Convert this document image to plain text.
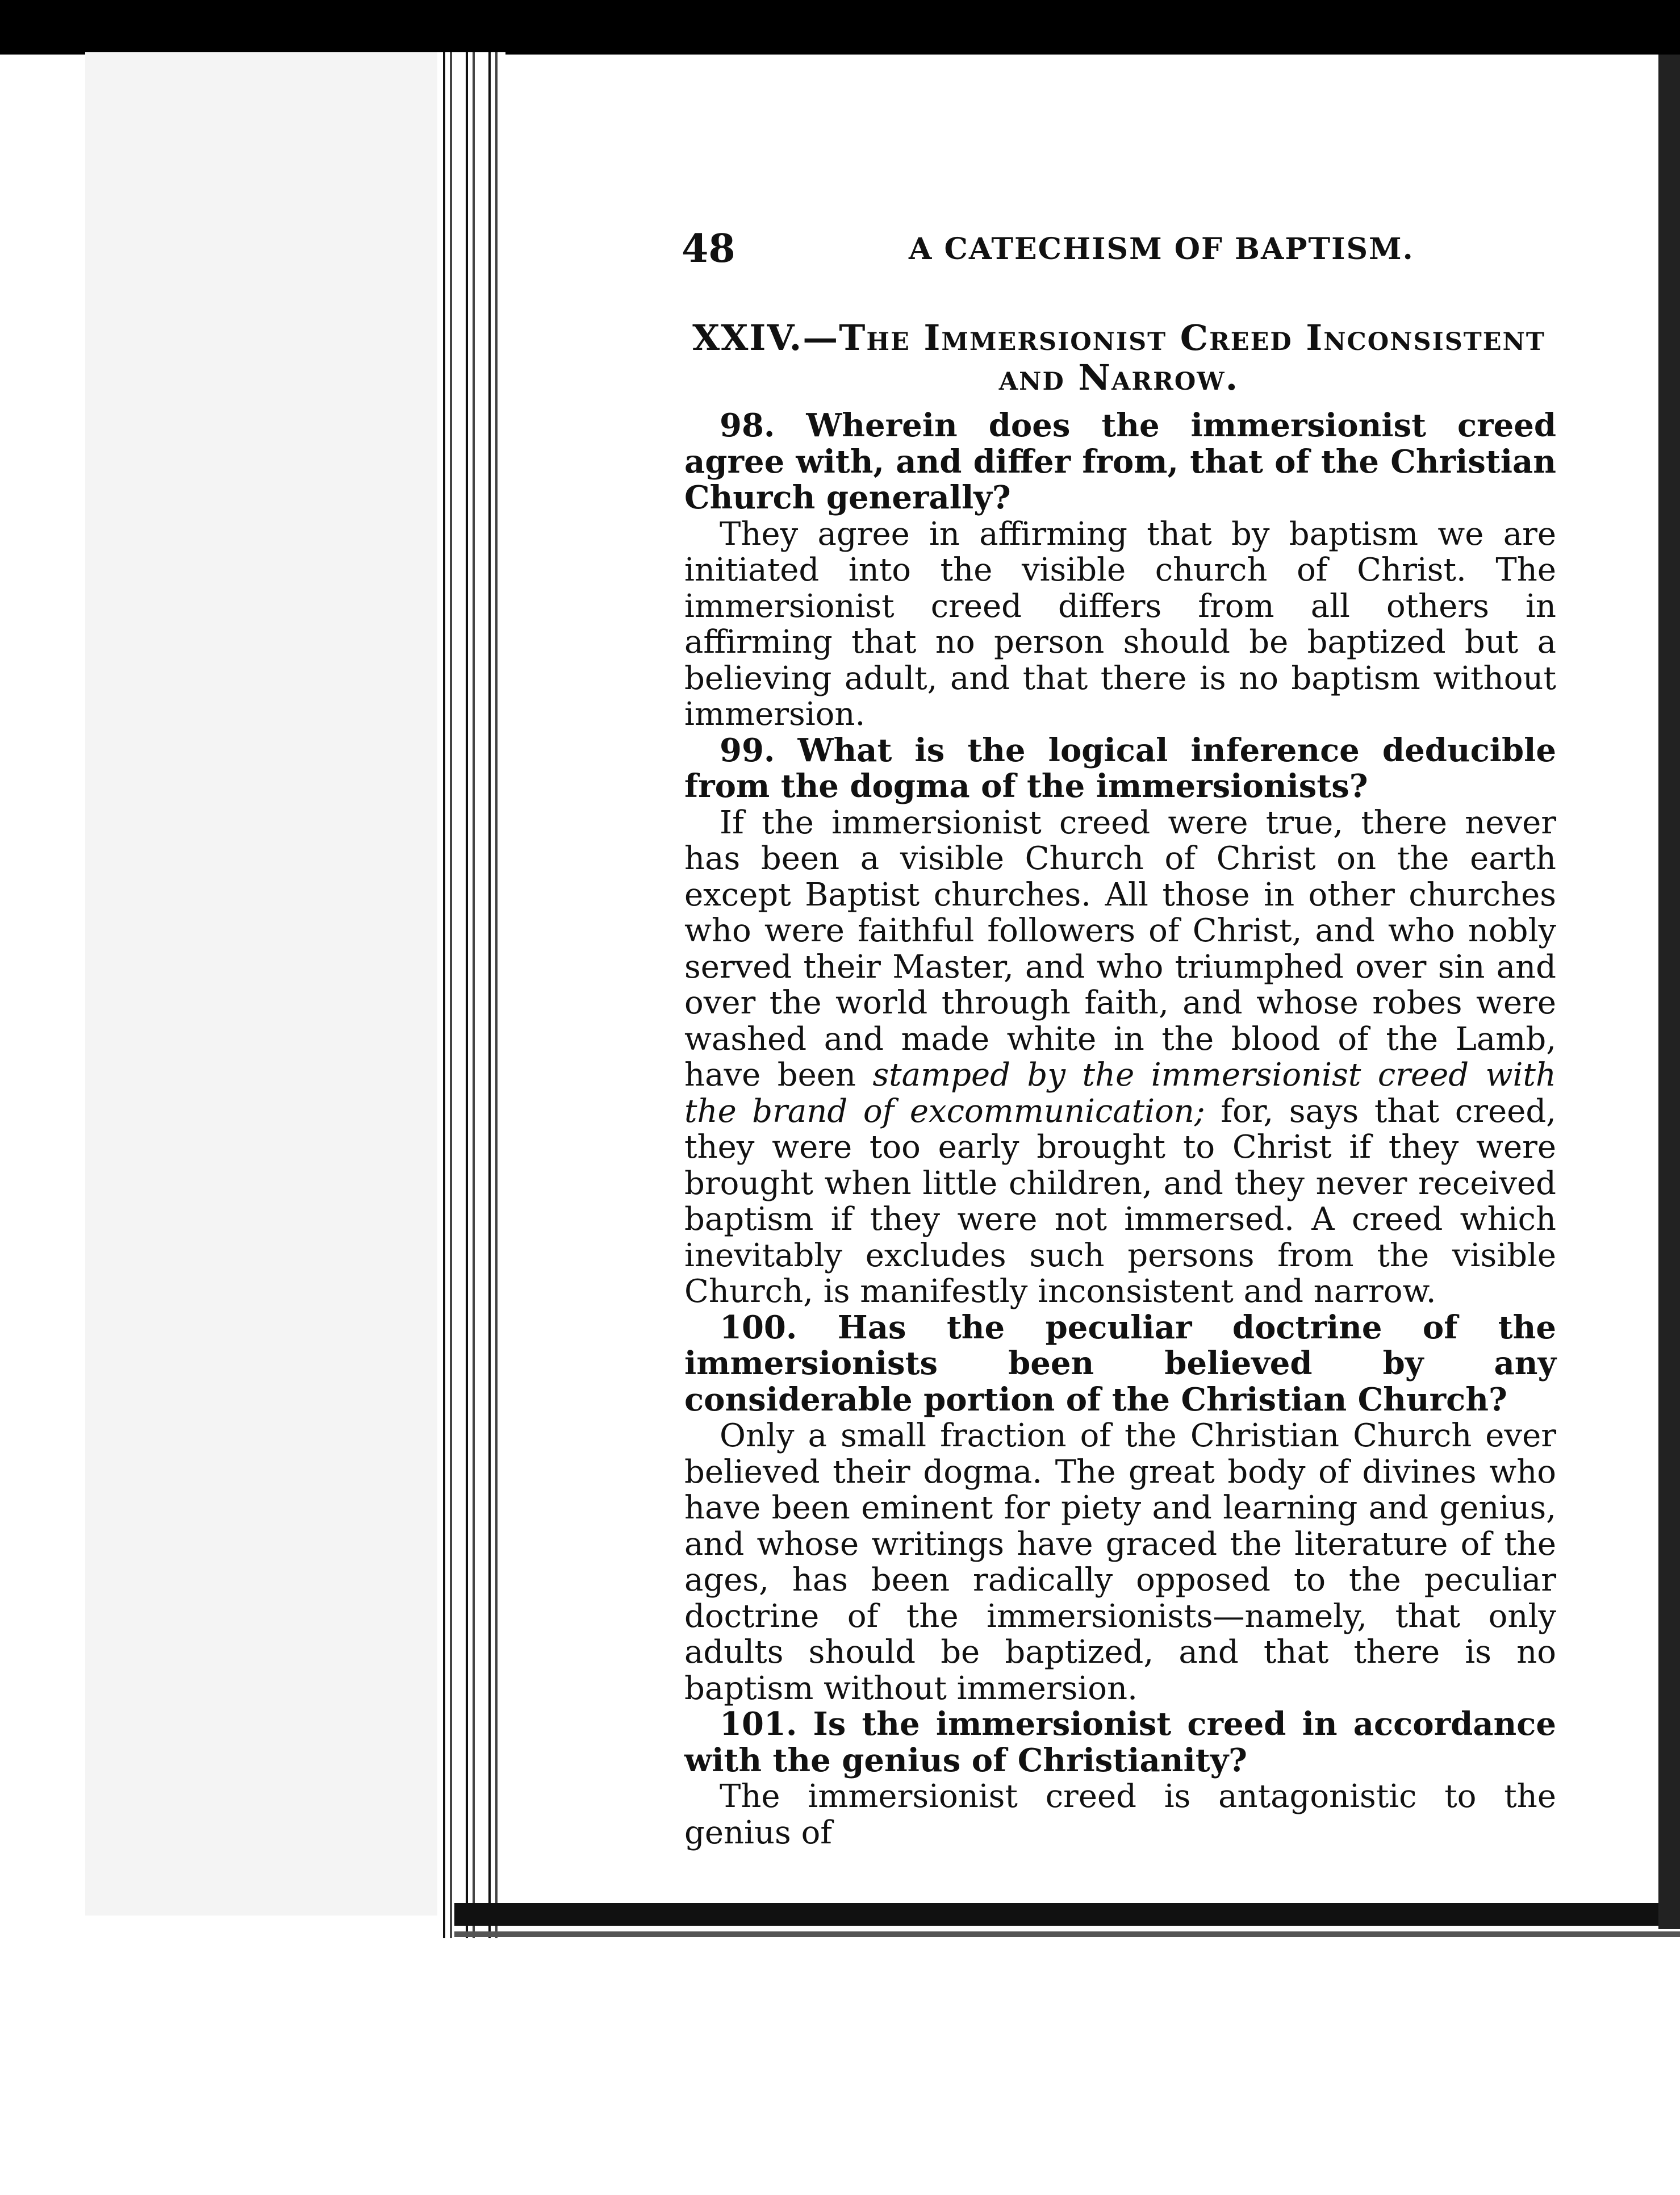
48	A CATECHISM OF BAPTISM.
XXIV.—The Immersionist Creed Inconsistent and Narrow.

98. Wherein does the immersionist creed agree with, and differ from, that of the Christian Church generally?

They agree in affirming that by baptism we are initiated into the visible church of Christ. The immersionist creed differs from all others in affirming that no person should be baptized but a believing adult, and that there is no baptism without immersion.

99. What is the logical inference deducible from the dogma of the immersionists?

If the immersionist creed were true, there never has been a visible Church of Christ on the earth except Baptist churches. All those in other churches who were faithful followers of Christ, and who nobly served their Master, and who triumphed over sin and over the world through faith, and whose robes were washed and made white in the blood of the Lamb, have been stamped by the immersionist creed with the brand of excommunication; for, says that creed, they were too early brought to Christ if they were brought when little children, and they never received baptism if they were not immersed. A creed which inevitably excludes such persons from the visible Church, is manifestly inconsistent and narrow.

100. Has the peculiar doctrine of the immersionists been believed by any considerable portion of the Christian Church?

Only a small fraction of the Christian Church ever believed their dogma. The great body of divines who have been eminent for piety and learning and genius, and whose writings have graced the literature of the ages, has been radically opposed to the peculiar doctrine of the immersionists—namely, that only adults should be baptized, and that there is no baptism without immersion.

101. Is the immersionist creed in accordance with the genius of Christianity?

The immersionist creed is antagonistic to the genius of
